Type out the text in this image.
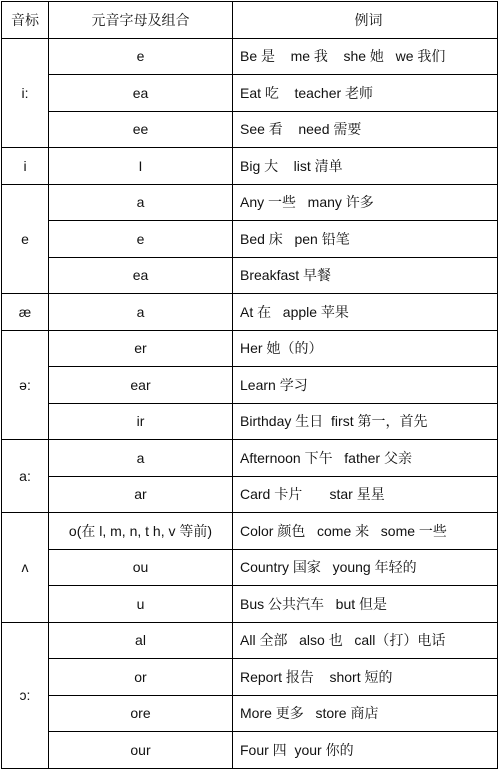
音标	元音字母及组合	例词
i:	e	Be 是    me 我    she 她   we 我们
	ea	Eat 吃    teacher 老师
	ee	See 看    need 需要
i	I	Big 大    list 清单
e	a	Any 一些   many 许多
	e	Bed 床   pen 铅笔
	ea	Breakfast 早餐
æ	a	At 在   apple 苹果
ə:	er	Her 她（的）
	ear	Learn 学习
	ir	Birthday 生日  first 第一，首先
a:	a	Afternoon 下午   father 父亲
	ar	Card 卡片       star 星星
ʌ	o(在 l, m, n, t h, v 等前)	Color 颜色   come 来   some 一些
	ou	Country 国家   young 年轻的
	u	Bus 公共汽车   but 但是
ɔ:	al	All 全部   also 也   call（打）电话
	or	Report 报告    short 短的
	ore	More 更多   store 商店
	our	Four 四  your 你的
